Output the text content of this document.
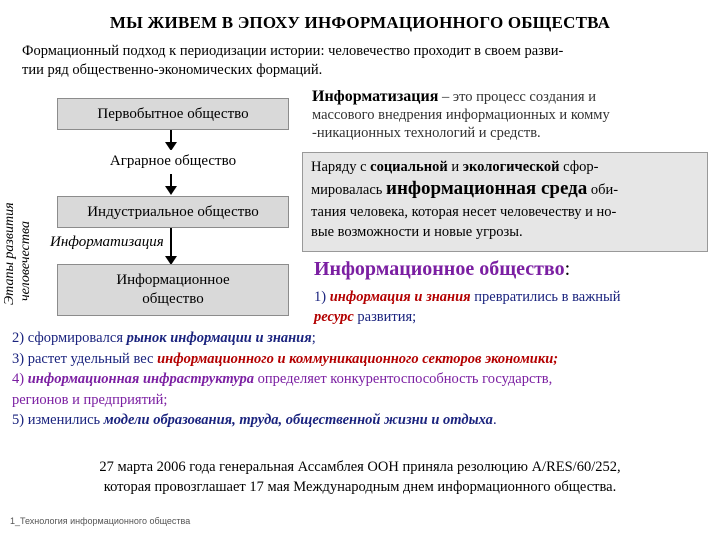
МЫ ЖИВЕМ В ЭПОХУ ИНФОРМАЦИОННОГО ОБЩЕСТВА
Формационный подход к периодизации истории: человечество проходит в своем разви-
тии ряд общественно-экономических формаций.
Этапы развития человечества
Первобытное общество
Аграрное общество
Индустриальное общество
Информатизация
Информационное
общество
Информатизация – это процесс создания и
массового внедрения информационных и комму
-никационных технологий и средств.
Наряду с социальной и экологической сфор-
мировалась информационная среда оби-
тания человека, которая несет человечеству и но-
вые возможности и новые угрозы.
Информационное общество:
1) информация и знания превратились в важный
ресурс развития;
2) сформировался рынок информации и знания;
3) растет удельный вес информационного и коммуникационного секторов экономики;
4) информационная инфраструктура определяет конкурентоспособность государств,
регионов и предприятий;
5) изменились модели образования, труда, общественной жизни и отдыха.
27 марта 2006 года генеральная Ассамблея ООН приняла резолюцию A/RES/60/252,
которая провозглашает 17 мая Международным днем информационного общества.
1_Технология информационного общества
